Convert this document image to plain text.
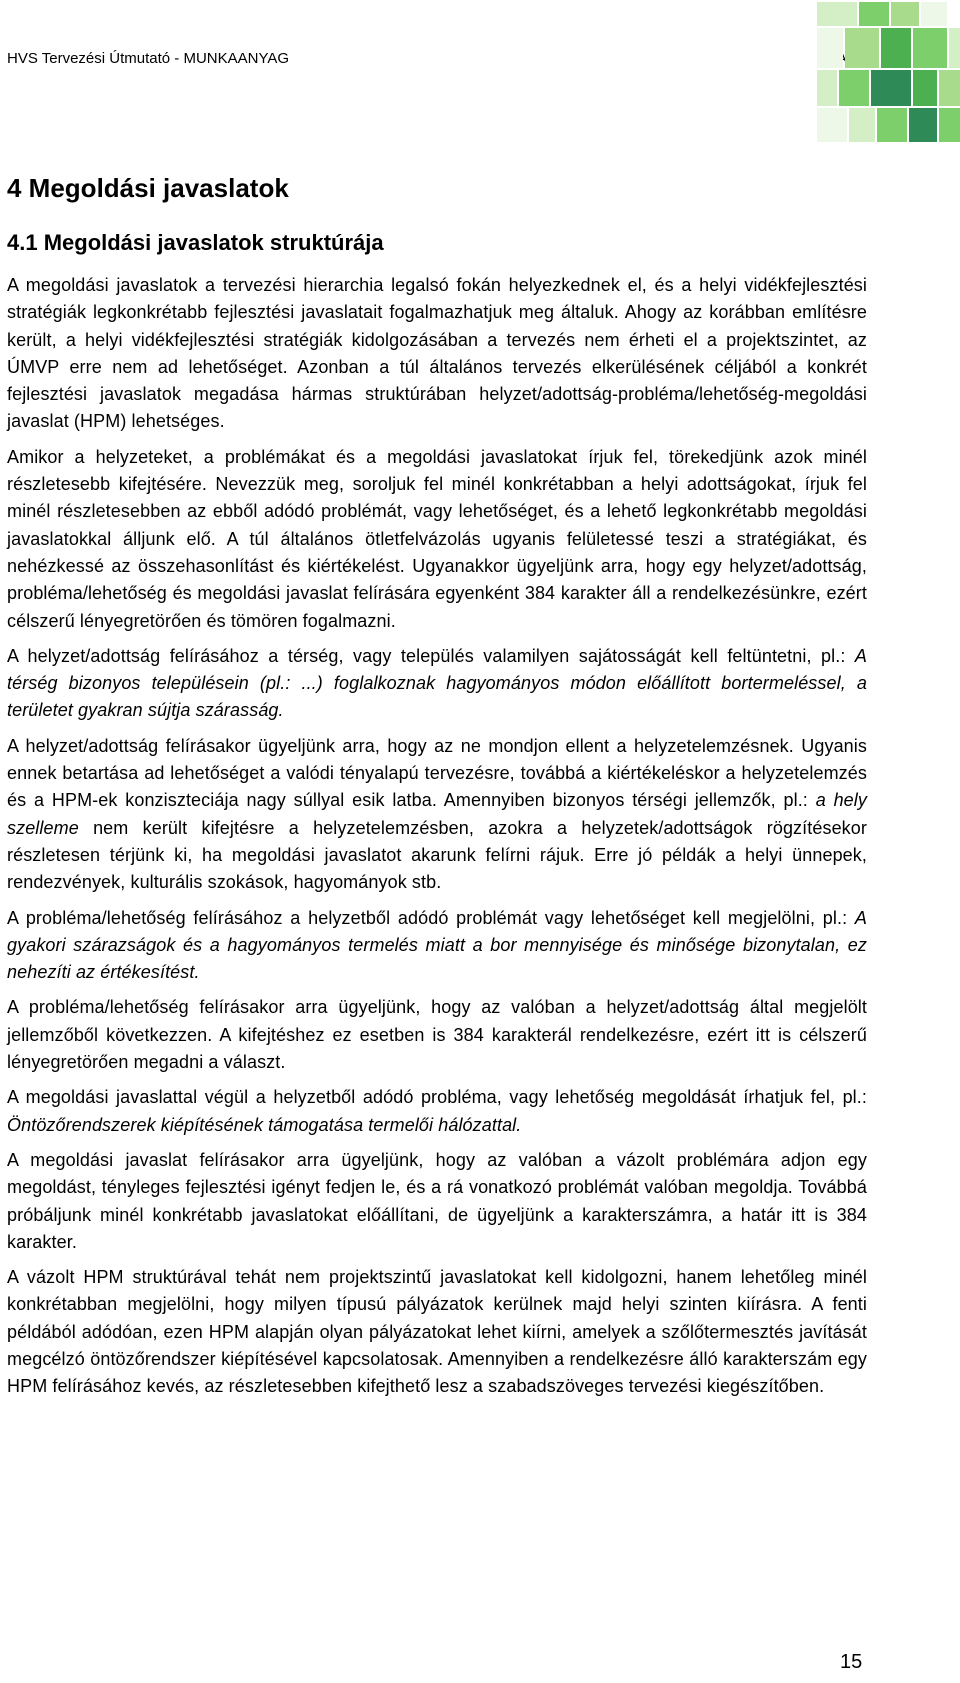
HVS Tervezési Útmutató - MUNKAANYAG
4 Megoldási javaslatok
4.1 Megoldási javaslatok struktúrája

A megoldási javaslatok a tervezési hierarchia legalsó fokán helyezkednek el, és a helyi vidékfejlesztési stratégiák legkonkrétabb fejlesztési javaslatait fogalmazhatjuk meg általuk. Ahogy az korábban említésre került, a helyi vidékfejlesztési stratégiák kidolgozásában a tervezés nem érheti el a projektszintet, az ÚMVP erre nem ad lehetőséget. Azonban a túl általános tervezés elkerülésének céljából a konkrét fejlesztési javaslatok megadása hármas struktúrában helyzet/adottság-probléma/lehetőség-megoldási javaslat (HPM) lehetséges.

Amikor a helyzeteket, a problémákat és a megoldási javaslatokat írjuk fel, törekedjünk azok minél részletesebb kifejtésére. Nevezzük meg, soroljuk fel minél konkrétabban a helyi adottságokat, írjuk fel minél részletesebben az ebből adódó problémát, vagy lehetőséget, és a lehető legkonkrétabb megoldási javaslatokkal álljunk elő. A túl általános ötletfelvázolás ugyanis felületessé teszi a stratégiákat, és nehézkessé az összehasonlítást és kiértékelést. Ugyanakkor ügyeljünk arra, hogy egy helyzet/adottság, probléma/lehetőség és megoldási javaslat felírására egyenként 384 karakter áll a rendelkezésünkre, ezért célszerű lényegretörően és tömören fogalmazni.

A helyzet/adottság felírásához a térség, vagy település valamilyen sajátosságát kell feltüntetni, pl.: A térség bizonyos településein (pl.: ...) foglalkoznak hagyományos módon előállított bortermeléssel, a területet gyakran sújtja szárasság.

A helyzet/adottság felírásakor ügyeljünk arra, hogy az ne mondjon ellent a helyzetelemzésnek. Ugyanis ennek betartása ad lehetőséget a valódi tényalapú tervezésre, továbbá a kiértékeléskor a helyzetelemzés és a HPM-ek konziszteciája nagy súllyal esik latba. Amennyiben bizonyos térségi jellemzők, pl.: a hely szelleme nem került kifejtésre a helyzetelemzésben, azokra a helyzetek/adottságok rögzítésekor részletesen térjünk ki, ha megoldási javaslatot akarunk felírni rájuk. Erre jó példák a helyi ünnepek, rendezvények, kulturális szokások, hagyományok stb.

A probléma/lehetőség felírásához a helyzetből adódó problémát vagy lehetőséget kell megjelölni, pl.: A gyakori szárazságok és a hagyományos termelés miatt a bor mennyisége és minősége bizonytalan, ez nehezíti az értékesítést.

A probléma/lehetőség felírásakor arra ügyeljünk, hogy az valóban a helyzet/adottság által megjelölt jellemzőből következzen. A kifejtéshez ez esetben is 384 karakterál rendelkezésre, ezért itt is célszerű lényegretörően megadni a választ.

A megoldási javaslattal végül a helyzetből adódó probléma, vagy lehetőség megoldását írhatjuk fel, pl.: Öntözőrendszerek kiépítésének támogatása termelői hálózattal.

A megoldási javaslat felírásakor arra ügyeljünk, hogy az valóban a vázolt problémára adjon egy megoldást, tényleges fejlesztési igényt fedjen le, és a rá vonatkozó problémát valóban megoldja. Továbbá próbáljunk minél konkrétabb javaslatokat előállítani, de ügyeljünk a karakterszámra, a határ itt is 384 karakter.

A vázolt HPM struktúrával tehát nem projektszintű javaslatokat kell kidolgozni, hanem lehetőleg minél konkrétabban megjelölni, hogy milyen típusú pályázatok kerülnek majd helyi szinten kiírásra. A fenti példából adódóan, ezen HPM alapján olyan pályázatokat lehet kiírni, amelyek a szőlőtermesztés javítását megcélzó öntözőrendszer kiépítésével kapcsolatosak. Amennyiben a rendelkezésre álló karakterszám egy HPM felírásához kevés, az részletesebben kifejthető lesz a szabadszöveges tervezési kiegészítőben.

15
